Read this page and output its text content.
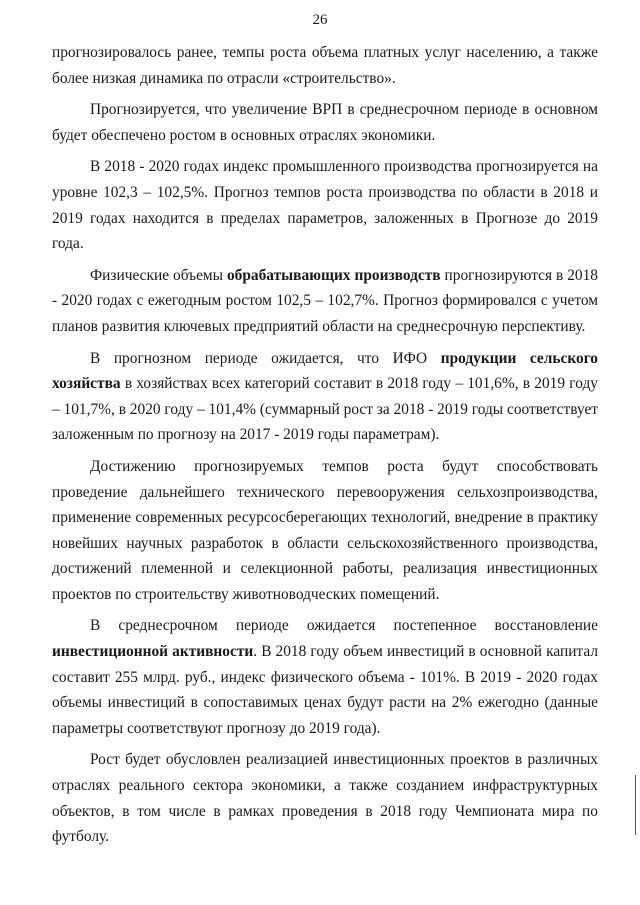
26

прогнозировалось ранее, темпы роста объема платных услуг населению, а также более низкая динамика по отрасли «строительство».

Прогнозируется, что увеличение ВРП в среднесрочном периоде в основном будет обеспечено ростом в основных отраслях экономики.

В 2018 - 2020 годах индекс промышленного производства прогнозируется на уровне 102,3 – 102,5%. Прогноз темпов роста производства по области в 2018 и 2019 годах находится в пределах параметров, заложенных в Прогнозе до 2019 года.

Физические объемы обрабатывающих производств прогнозируются в 2018 - 2020 годах с ежегодным ростом 102,5 – 102,7%. Прогноз формировался с учетом планов развития ключевых предприятий области на среднесрочную перспективу.

В прогнозном периоде ожидается, что ИФО продукции сельского хозяйства в хозяйствах всех категорий составит в 2018 году – 101,6%, в 2019 году – 101,7%, в 2020 году – 101,4% (суммарный рост за 2018 - 2019 годы соответствует заложенным по прогнозу на 2017 - 2019 годы параметрам).

Достижению прогнозируемых темпов роста будут способствовать проведение дальнейшего технического перевооружения сельхозпроизводства, применение современных ресурсосберегающих технологий, внедрение в практику новейших научных разработок в области сельскохозяйственного производства, достижений племенной и селекционной работы, реализация инвестиционных проектов по строительству животноводческих помещений.

В среднесрочном периоде ожидается постепенное восстановление инвестиционной активности. В 2018 году объем инвестиций в основной капитал составит 255 млрд. руб., индекс физического объема - 101%. В 2019 - 2020 годах объемы инвестиций в сопоставимых ценах будут расти на 2% ежегодно (данные параметры соответствуют прогнозу до 2019 года).

Рост будет обусловлен реализацией инвестиционных проектов в различных отраслях реального сектора экономики, а также созданием инфраструктурных объектов, в том числе в рамках проведения в 2018 году Чемпионата мира по футболу.
